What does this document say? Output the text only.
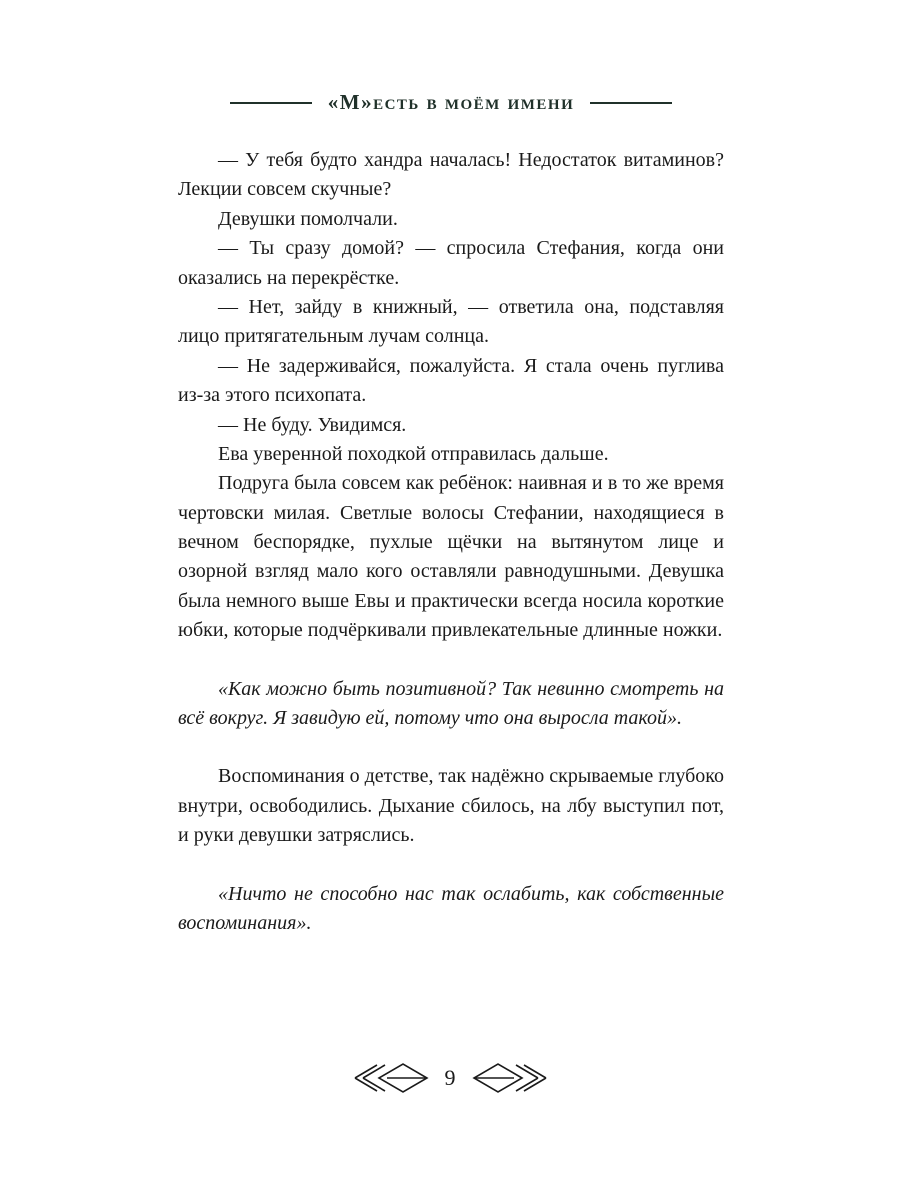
«М»есть в моём имени

— У тебя будто хандра началась! Недостаток витаминов? Лекции совсем скучные?

Девушки помолчали.

— Ты сразу домой? — спросила Стефания, когда они оказались на перекрёстке.

— Нет, зайду в книжный, — ответила она, подставляя лицо притягательным лучам солнца.

— Не задерживайся, пожалуйста. Я стала очень пуглива из-за этого психопата.

— Не буду. Увидимся.

Ева уверенной походкой отправилась дальше.

Подруга была совсем как ребёнок: наивная и в то же время чертовски милая. Светлые волосы Стефании, находящиеся в вечном беспорядке, пухлые щёчки на вытянутом лице и озорной взгляд мало кого оставляли равнодушными. Девушка была немного выше Евы и практически всегда носила короткие юбки, которые подчёркивали привлекательные длинные ножки.

«Как можно быть позитивной? Так невинно смотреть на всё вокруг. Я завидую ей, потому что она выросла такой».

Воспоминания о детстве, так надёжно скрываемые глубоко внутри, освободились. Дыхание сбилось, на лбу выступил пот, и руки девушки затряслись.

«Ничто не способно нас так ослабить, как собственные воспоминания».

9
